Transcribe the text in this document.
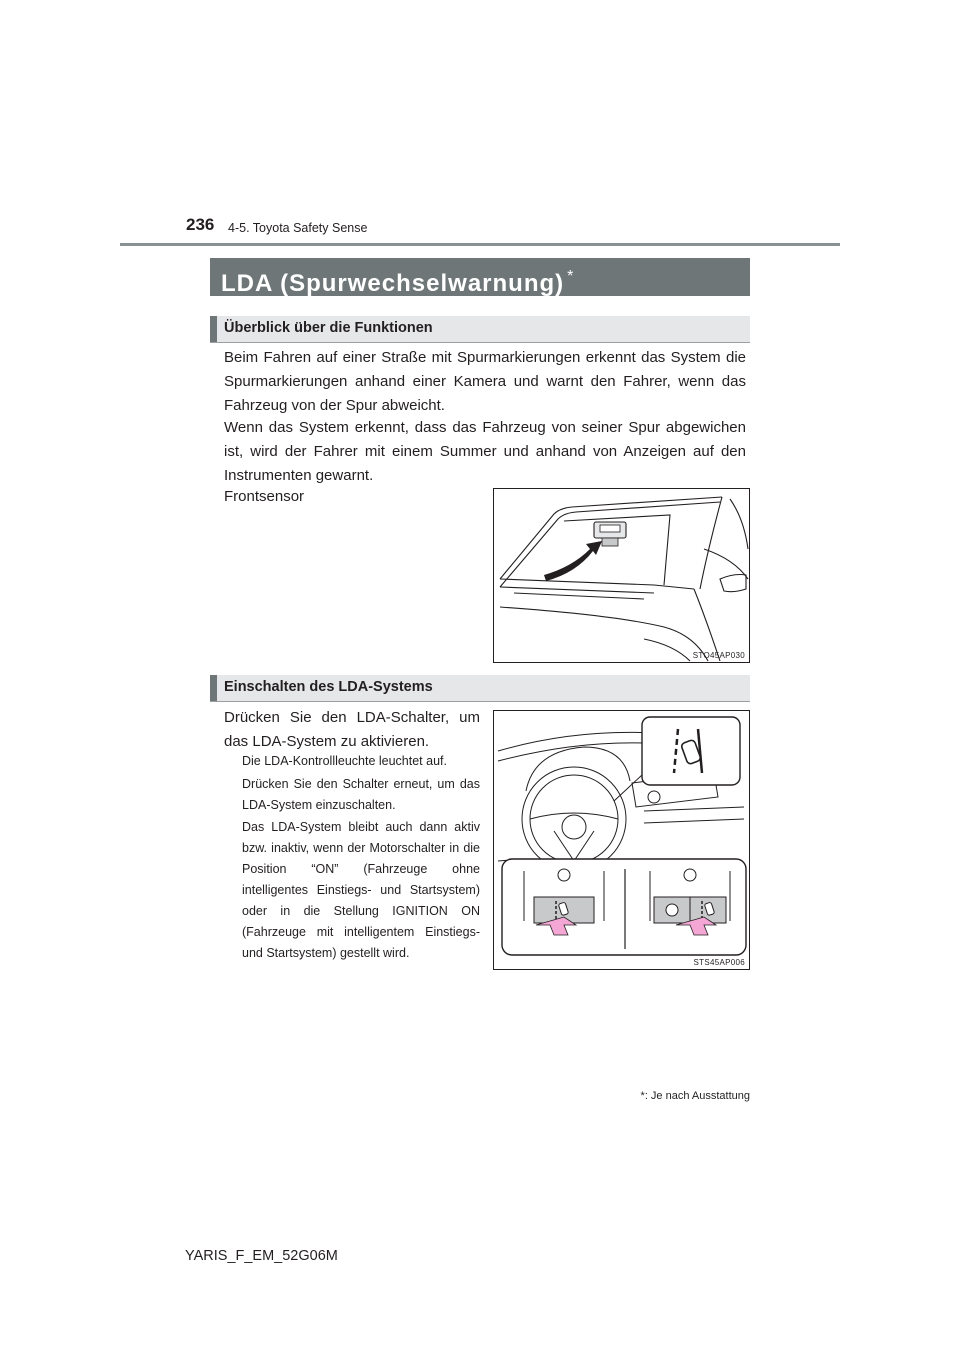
236 4-5. Toyota Safety Sense
LDA (Spurwechselwarnung) *
Überblick über die Funktionen
Beim Fahren auf einer Straße mit Spurmarkierungen erkennt das System die Spurmarkierungen anhand einer Kamera und warnt den Fahrer, wenn das Fahrzeug von der Spur abweicht.
Wenn das System erkennt, dass das Fahrzeug von seiner Spur abgewichen ist, wird der Fahrer mit einem Summer und anhand von Anzeigen auf den Instrumenten gewarnt.
Frontsensor
STO45AP030
Einschalten des LDA-Systems
Drücken Sie den LDA-Schalter, um das LDA-System zu aktivieren.
Die LDA-Kontrollleuchte leuchtet auf.
Drücken Sie den Schalter erneut, um das LDA-System einzuschalten.
Das LDA-System bleibt auch dann aktiv bzw. inaktiv, wenn der Motorschalter in die Position “ON” (Fahrzeuge ohne intelligentes Einstiegs- und Startsystem) oder in die Stellung IGNITION ON (Fahrzeuge mit intelligentem Einstiegs- und Startsystem) gestellt wird.
STS45AP006
*: Je nach Ausstattung
YARIS_F_EM_52G06M
